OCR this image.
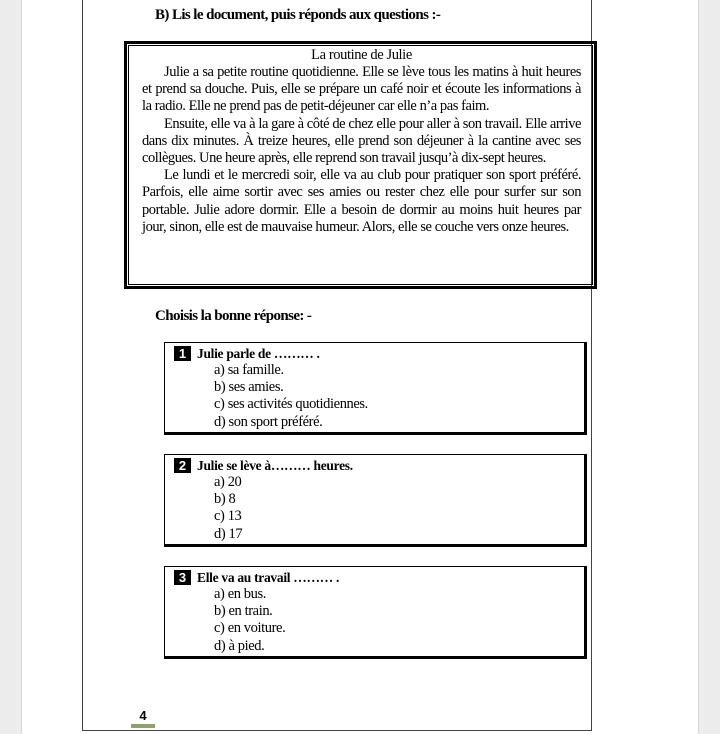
B) Lis le document, puis réponds aux questions :-
La routine de Julie

Julie a sa petite routine quotidienne. Elle se lève tous les matins à huit heures et prend sa douche. Puis, elle se prépare un café noir et écoute les informations à la radio. Elle ne prend pas de petit-déjeuner car elle n’a pas faim.

Ensuite, elle va à la gare à côté de chez elle pour aller à son travail. Elle arrive dans dix minutes. À treize heures, elle prend son déjeuner à la cantine avec ses collègues. Une heure après, elle reprend son travail jusqu’à dix-sept heures.

Le lundi et le mercredi soir, elle va au club pour pratiquer son sport préféré. Parfois, elle aime sortir avec ses amies ou rester chez elle pour surfer sur son portable. Julie adore dormir. Elle a besoin de dormir au moins huit heures par jour, sinon, elle est de mauvaise humeur. Alors, elle se couche vers onze heures.

Choisis la bonne réponse: -
1 Julie parle de ……… .
a) sa famille.
b) ses amies.
c) ses activités quotidiennes.
d) son sport préféré.
2 Julie se lève à……… heures.
a) 20
b) 8
c) 13
d) 17
3 Elle va au travail ……… .
a) en bus.
b) en train.
c) en voiture.
d) à pied.
4
